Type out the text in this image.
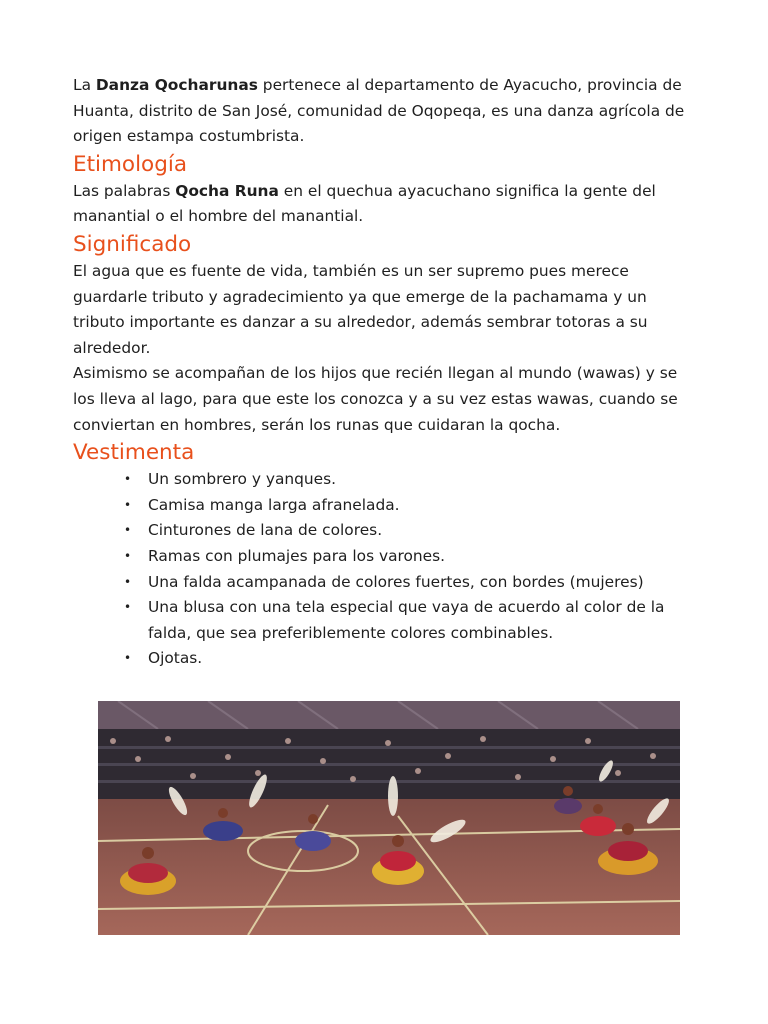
La Danza Qocharunas pertenece al departamento de Ayacucho, provincia de Huanta, distrito de San José, comunidad de Oqopeqa, es una danza agrícola de origen estampa costumbrista.

Etimología

Las palabras Qocha Runa en el quechua ayacuchano significa la gente del manantial o el hombre del manantial.

Significado

El agua que es fuente de vida, también es un ser supremo pues merece guardarle tributo y agradecimiento ya que emerge de la pachamama y un tributo importante es danzar a su alrededor, además sembrar totoras a su alrededor.

Asimismo se acompañan de los hijos que recién llegan al mundo (wawas) y se los lleva al lago, para que este los conozca y a su vez estas wawas, cuando se conviertan en hombres, serán los runas que cuidaran la qocha.

Vestimenta
• Un sombrero y yanques.
• Camisa manga larga afranelada.
• Cinturones de lana de colores.
• Ramas con plumajes para los varones.
• Una falda acampanada de colores fuertes, con bordes (mujeres)
• Una blusa con una tela especial que vaya de acuerdo al color de la falda, que sea preferiblemente colores combinables.
• Ojotas.
